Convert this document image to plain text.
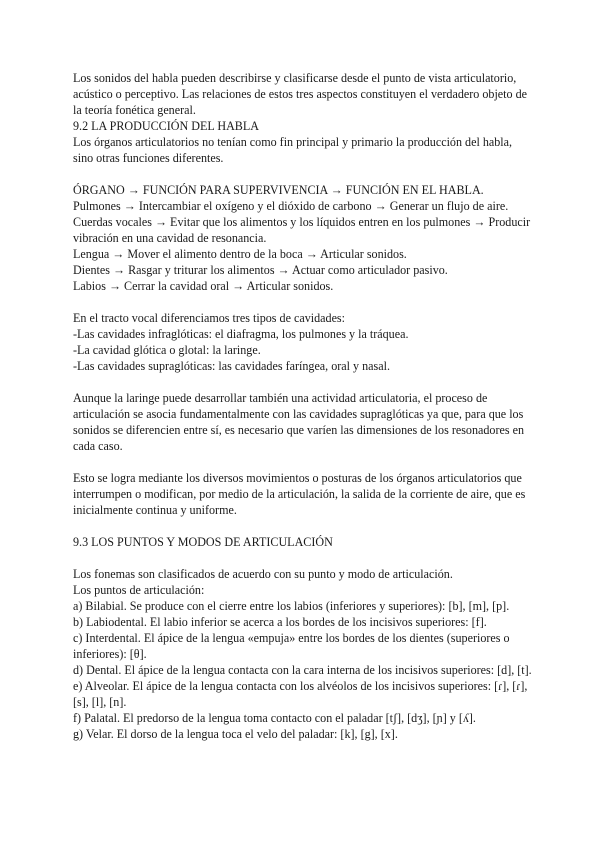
Los sonidos del habla pueden describirse y clasificarse desde el punto de vista articulatorio, acústico o perceptivo. Las relaciones de estos tres aspectos constituyen el verdadero objeto de la teoría fonética general.

9.2 LA PRODUCCIÓN DEL HABLA

Los órganos articulatorios no tenían como fin principal y primario la producción del habla, sino otras funciones diferentes.

ÓRGANO → FUNCIÓN PARA SUPERVIVENCIA → FUNCIÓN EN EL HABLA.

Pulmones → Intercambiar el oxígeno y el dióxido de carbono → Generar un flujo de aire.

Cuerdas vocales → Evitar que los alimentos y los líquidos entren en los pulmones → Producir vibración en una cavidad de resonancia.

Lengua → Mover el alimento dentro de la boca → Articular sonidos.

Dientes → Rasgar y triturar los alimentos → Actuar como articulador pasivo.

Labios → Cerrar la cavidad oral → Articular sonidos.

En el tracto vocal diferenciamos tres tipos de cavidades:

-Las cavidades infraglóticas: el diafragma, los pulmones y la tráquea.

-La cavidad glótica o glotal: la laringe.

-Las cavidades supraglóticas: las cavidades faríngea, oral y nasal.

Aunque la laringe puede desarrollar también una actividad articulatoria, el proceso de articulación se asocia fundamentalmente con las cavidades supraglóticas ya que, para que los sonidos se diferencien entre sí, es necesario que varíen las dimensiones de los resonadores en cada caso.

Esto se logra mediante los diversos movimientos o posturas de los órganos articulatorios que interrumpen o modifican, por medio de la articulación, la salida de la corriente de aire, que es inicialmente continua y uniforme.

9.3 LOS PUNTOS Y MODOS DE ARTICULACIÓN

Los fonemas son clasificados de acuerdo con su punto y modo de articulación.

Los puntos de articulación:

a) Bilabial. Se produce con el cierre entre los labios (inferiores y superiores): [b], [m], [p].

b) Labiodental. El labio inferior se acerca a los bordes de los incisivos superiores: [f].

c) Interdental. El ápice de la lengua «empuja» entre los bordes de los dientes (superiores o inferiores): [θ].

d) Dental. El ápice de la lengua contacta con la cara interna de los incisivos superiores: [d], [t].

e) Alveolar. El ápice de la lengua contacta con los alvéolos de los incisivos superiores: [ɾ], [ɾ], [s], [l], [n].

f) Palatal. El predorso de la lengua toma contacto con el paladar [tʃ], [dʒ], [ɲ] y [ʎ].

g) Velar. El dorso de la lengua toca el velo del paladar: [k], [g], [x].
